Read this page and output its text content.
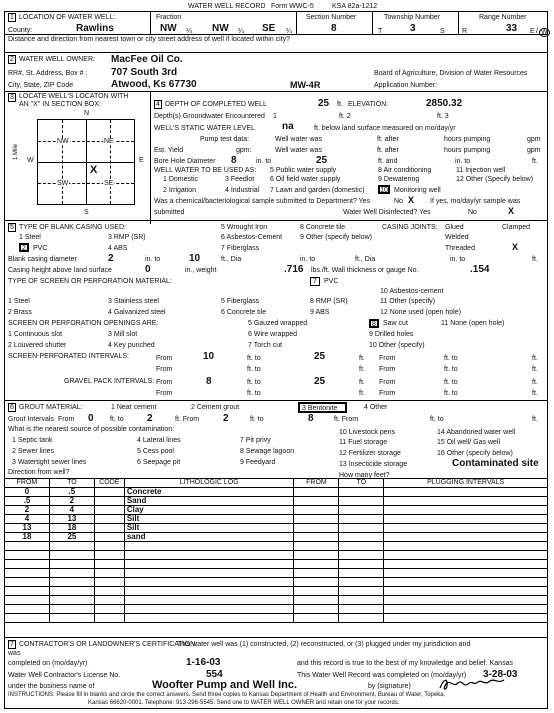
WATER WELL RECORD Form WWC-5	KSA 82a-1212
1 LOCATION OF WATER WELL:
County:	Rawlins
Fraction
NW ¼ NW ¼ SE ¼
Section Number
8
Township Number
T	3	S
Range Number
R	33 E / W
Distance and direction from nearest town or city street address of well if located within city?
2 WATER WELL OWNER: MacFee Oil Co.
RR#, St. Address, Box # : 707 South 3rd
City, State, ZIP Code	Atwood, Ks 67730	MW-4R
Board of Agriculture, Division of Water Resources
Application Number:
3 LOCATE WELL'S LOCATON WITH
AN "X" IN SECTION BOX:
N
S
W	E
1 Mile
NW	NE
SW	SE
X
4 DEPTH OF COMPLETED WELL	25 ft. ELEVATION:	2850.32
Depth(s) Groundwater Encountered 1	ft. 2	ft. 3
WELL'S STATIC WATER LEVEL	na	ft. below land surface measured on mo/day/yr
Pump test data:	Well water was	ft. after	hours pumping	gpm
Est. Yield	gpm:	Well water was	ft. after	hours pumping	gpm
Bore Hole Diameter 8	in. to	25	ft. and	in. to	ft.
WELL WATER TO BE USED AS:
1 Domestic	3 Feedlot
5 Public water supply	8 Air conditioning	11 Injection well
2 Irrigation	4 Industrial
6 Oil field water supply	9 Dewatering	12 Other (Specify below)
7 Lawn and garden (domestic) 10 Monitoring well
Was a chemical/bacteriological sample submitted to Department? Yes	No X If yes, mo/day/yr sample was
submitted	Water Well Disinfected? Yes	No	X
5 TYPE OF BLANK CASING USED:	5 Wrought Iron	8 Concrete tile	CASING JOINTS: Glued	Clamped
1 Steel	3 RMP (SR)	6 Asbestos-Cement	9 Other (specify below)	Welded
2	PVC	4 ABS	7 Fiberglass	Threaded	X
Blank casing diameter	2	in. to	10	ft., Dia	in. to	ft., Dia	in. to	ft.
Casing height above land surface	0	in., weight	.716 lbs./ft. Wall thickness or gauge No.	.154
TYPE OF SCREEN OR PERFORATION MATERIAL:	7	PVC
10 Asbestos-cement
1 Steel	3 Stainless steel	5 Fiberglass	8 RMP (SR)	11 Other (specify)
2 Brass	4 Galvanized steel	6 Concrete tile	9 ABS	12 None used (open hole)
SCREEN OR PERFORATION OPENINGS ARE:	5 Gauzed wrapped	8	Saw cut	11 None (open hole)
1 Continuous slot	3 Mill slot	6 Wire wrapped	9 Drilled holes
2 Louvered shutter	4 Key punched	7 Torch cut	10 Other (specify)
SCREEN-PERFORATED INTERVALS:	From	10	ft. to	25	ft. From	ft. to	ft.
From	ft. to	ft. From	ft. to	ft.
GRAVEL PACK INTERVALS: From	8	ft. to	25	ft. From	ft. to	ft.
From	ft. to	ft. From	ft. to	ft.
6 GROUT MATERIAL:	1 Neat cement	2 Cement grout	3 Bentonite	4 Other
Grout Intervals From 0 ft. to 2	ft. From 2	ft. to	8	ft. From	ft. to	ft.
What is the nearest source of possible contamination:	10 Livestock pens	14 Abandoned water well
1 Septic tank	4 Lateral lines	7 Pit privy	11 Fuel storage	15 Oil well/ Gas well
2 Sewer lines	5 Cess pool	8 Sewage lagoon	12 Fertilizer storage	16 Other (specify below)
3 Watertight sewer lines	6 Seepage pit	9 Feedyard	13 Insecticide storage	Contaminated site
Direction from well?	How many feet?
FROM	TO	CODE	LITHOLOGIC LOG	FROM	TO	PLUGGING INTERVALS
0	.5		Concrete			
.5	2		Sand			
2	4		Clay			
4	13		Silt			
13	18		Silt			
18	25		sand			

7 CONTRACTOR'S OR LANDOWNER'S CERTIFICATION:
This water well was (1) constructed, (2) reconstructed, or (3) plugged under my jurisdiction and
was
completed on (mo/day/yr)	1-16-03	and this record is true to the best of my knowledge and belief. Kansas
Water Well Contractor's License No.	554	This Water Well Record was completed on (mo/day/yr) 3-28-03
under the business name of	Woofter Pump and Well Inc.	by (signature)
INSTRUCTIONS: Please fill in blanks and circle the correct answers. Send three copies to Kansas Department of Health and Environment, Bureau of Water, Topeka,
Kansas 66620-0001. Telephone: 913-296-5545. Send one to WATER WELL OWNER and retain one for your records.
